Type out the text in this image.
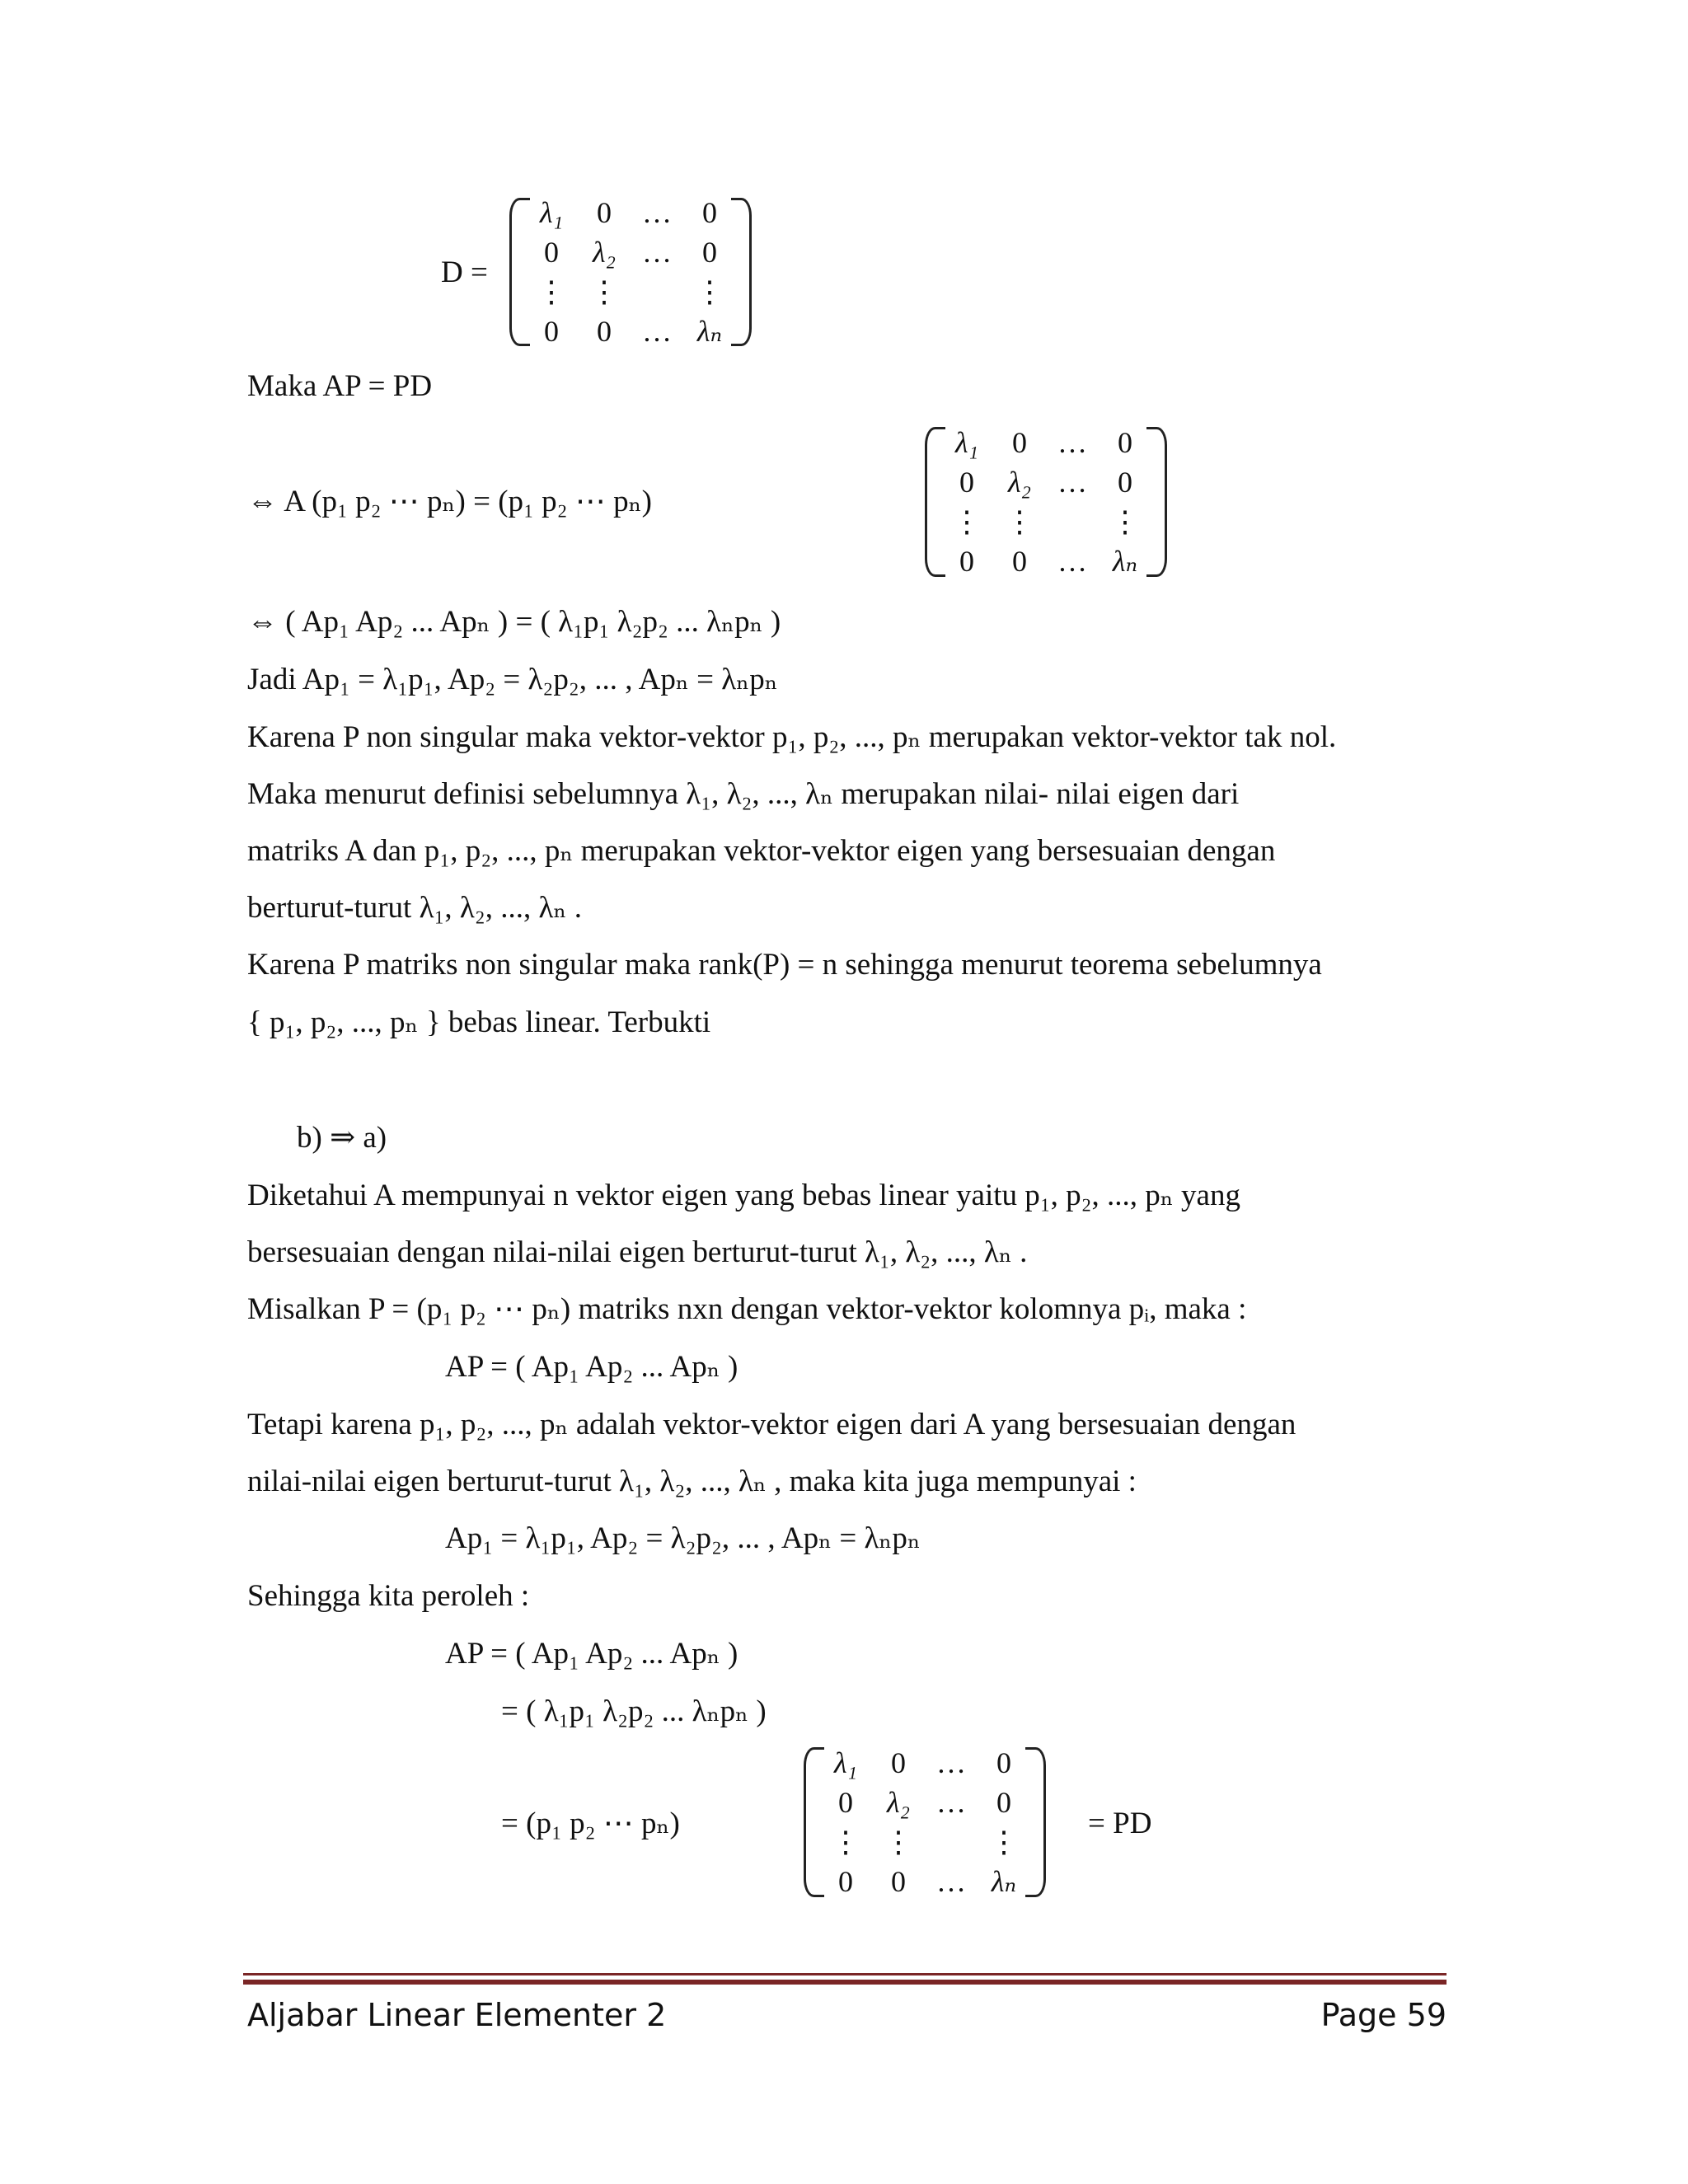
D =
λ₁ 0 … 0
0 λ₂ … 0
⋮ ⋮	⋮
0 0 … λₙ
Maka AP = PD
⇔ A (p₁ p₂ ⋯ pₙ) = (p₁ p₂ ⋯ pₙ)
λ₁ 0 … 0
0 λ₂ … 0
⋮ ⋮	⋮
0 0 … λₙ
⇔ ( Ap₁ Ap₂ ... Apₙ ) = ( λ₁p₁ λ₂p₂ ... λₙpₙ )
Jadi Ap₁ = λ₁p₁, Ap₂ = λ₂p₂, ... , Apₙ = λₙpₙ
Karena P non singular maka vektor-vektor p₁, p₂, ..., pₙ merupakan vektor-vektor tak nol.
Maka menurut definisi sebelumnya λ₁, λ₂, ..., λₙ merupakan nilai- nilai eigen dari
matriks A dan p₁, p₂, ..., pₙ merupakan vektor-vektor eigen yang bersesuaian dengan
berturut-turut λ₁, λ₂, ..., λₙ .
Karena P matriks non singular maka rank(P) = n sehingga menurut teorema sebelumnya
{ p₁, p₂, ..., pₙ } bebas linear. Terbukti
b) ⇒ a)
Diketahui A mempunyai n vektor eigen yang bebas linear yaitu p₁, p₂, ..., pₙ yang
bersesuaian dengan nilai-nilai eigen berturut-turut λ₁, λ₂, ..., λₙ .
Misalkan P = (p₁ p₂ ⋯ pₙ) matriks nxn dengan vektor-vektor kolomnya pᵢ, maka :
AP = ( Ap₁ Ap₂ ... Apₙ )
Tetapi karena p₁, p₂, ..., pₙ adalah vektor-vektor eigen dari A yang bersesuaian dengan
nilai-nilai eigen berturut-turut λ₁, λ₂, ..., λₙ , maka kita juga mempunyai :
Ap₁ = λ₁p₁, Ap₂ = λ₂p₂, ... , Apₙ = λₙpₙ
Sehingga kita peroleh :
AP = ( Ap₁ Ap₂ ... Apₙ )
= ( λ₁p₁ λ₂p₂ ... λₙpₙ )
= (p₁ p₂ ⋯ pₙ)
λ₁ 0 … 0
0 λ₂ … 0
⋮ ⋮	⋮
0 0 … λₙ
= PD
Aljabar Linear Elementer 2	Page 59
